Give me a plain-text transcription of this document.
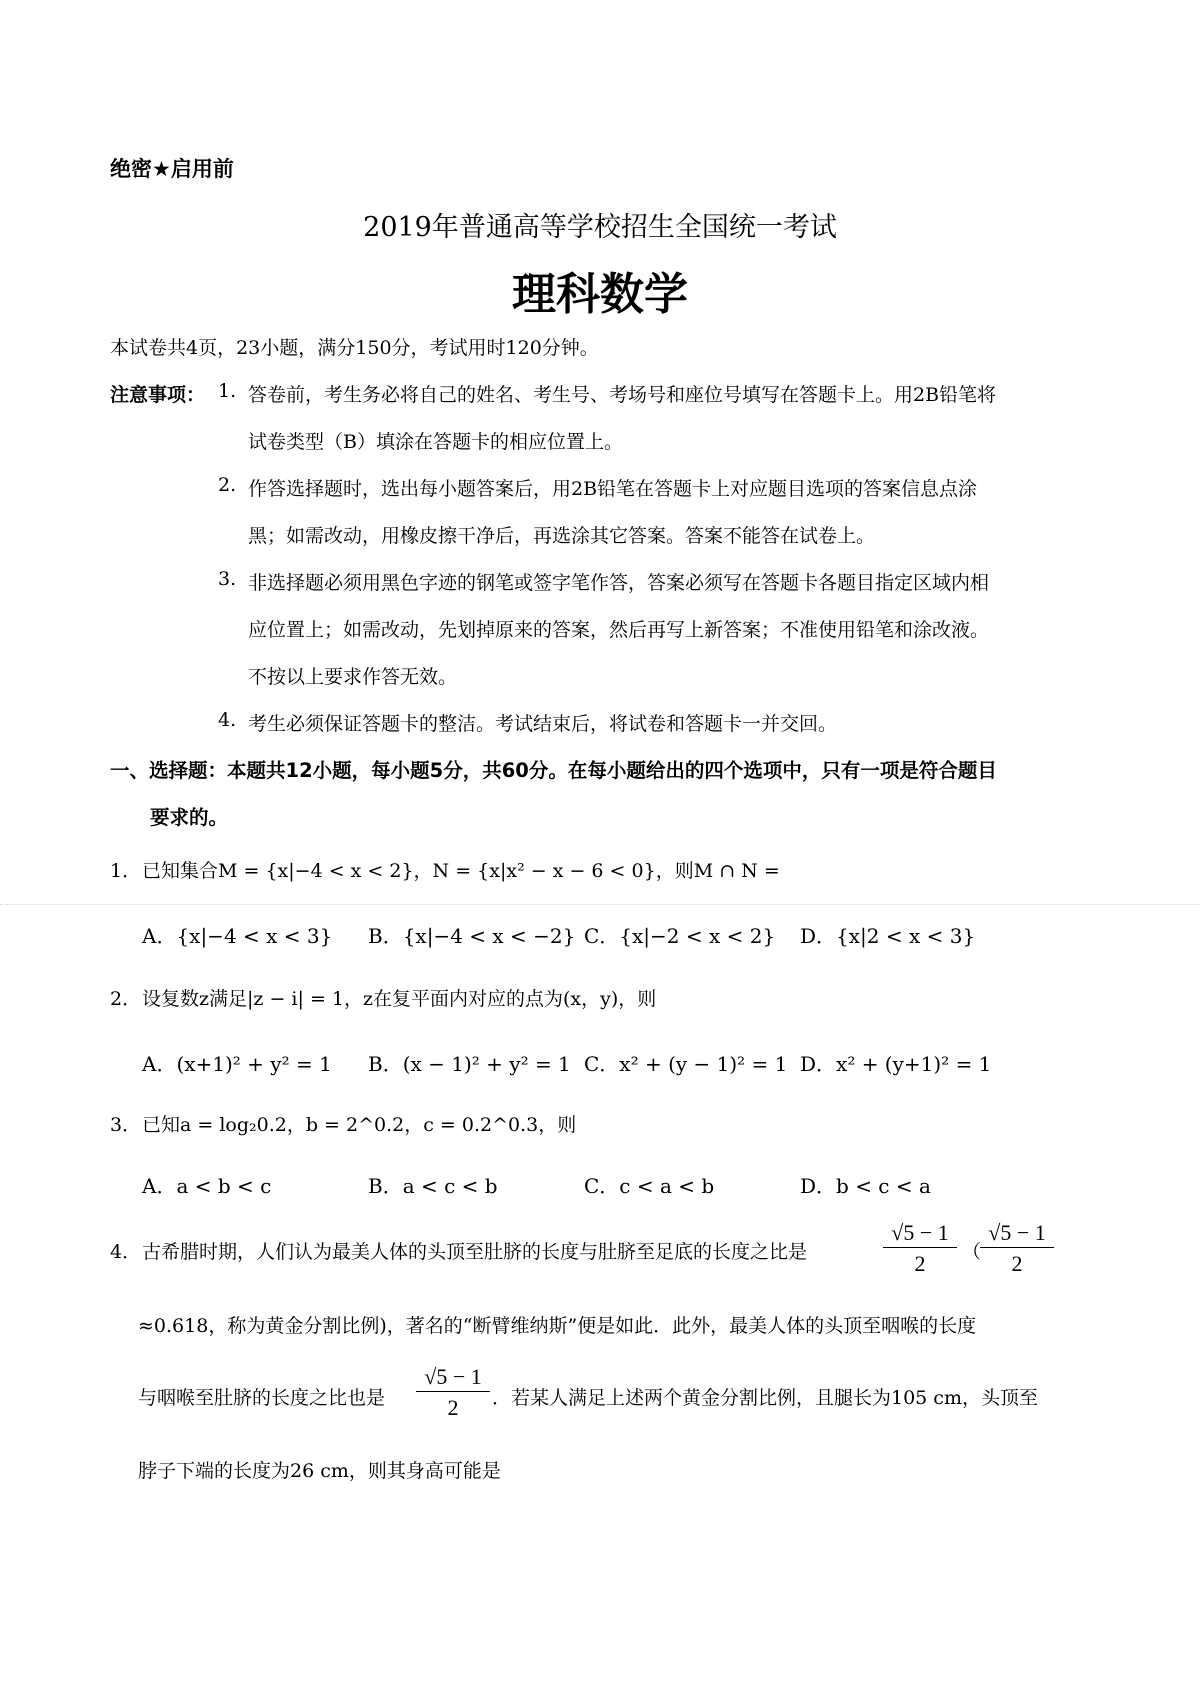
绝密★启用前
2019年普通高等学校招生全国统一考试
理科数学
本试卷共4页，23小题，满分150分，考试用时120分钟。
注意事项： 1. 答卷前，考生务必将自己的姓名、考生号、考场号和座位号填写在答题卡上。用2B铅笔将
试卷类型（B）填涂在答题卡的相应位置上。
2. 作答选择题时，选出每小题答案后，用2B铅笔在答题卡上对应题目选项的答案信息点涂
黑；如需改动，用橡皮擦干净后，再选涂其它答案。答案不能答在试卷上。
3. 非选择题必须用黑色字迹的钢笔或签字笔作答，答案必须写在答题卡各题目指定区域内相
应位置上；如需改动，先划掉原来的答案，然后再写上新答案；不准使用铅笔和涂改液。
不按以上要求作答无效。
4. 考生必须保证答题卡的整洁。考试结束后，将试卷和答题卡一并交回。
一、选择题：本题共12小题，每小题5分，共60分。在每小题给出的四个选项中，只有一项是符合题目
要求的。
1． 已知集合M = {x|−4 < x < 2}，N = {x|x² − x − 6 < 0}，则M ∩ N =
A．{x|−4 < x < 3} B．{x|−4 < x < −2} C．{x|−2 < x < 2} D．{x|2 < x < 3}
2． 设复数z满足|z − i| = 1，z在复平面内对应的点为(x，y)，则
A．(x+1)² + y² = 1 B．(x − 1)² + y² = 1 C．x² + (y − 1)² = 1 D．x² + (y+1)² = 1
3． 已知a = log₂0.2，b = 2^0.2，c = 0.2^0.3，则
A．a < b < c	B．a < c < b	C．c < a < b	D．b < c < a
4． 古希腊时期，人们认为最美人体的头顶至肚脐的长度与肚脐至足底的长度之比是	$\frac{√5 - 1}{2}$ （
$\frac{√5 - 1}{2}$
≈0.618，称为黄金分割比例)，著名的“断臂维纳斯”便是如此．此外，最美人体的头顶至咽喉的长度
与咽喉至肚脐的长度之比也是 $\frac{√5 - 1}{2}$ ．若某人满足上述两个黄金分割比例，且腿长为105 cm，头顶至
脖子下端的长度为26 cm，则其身高可能是
